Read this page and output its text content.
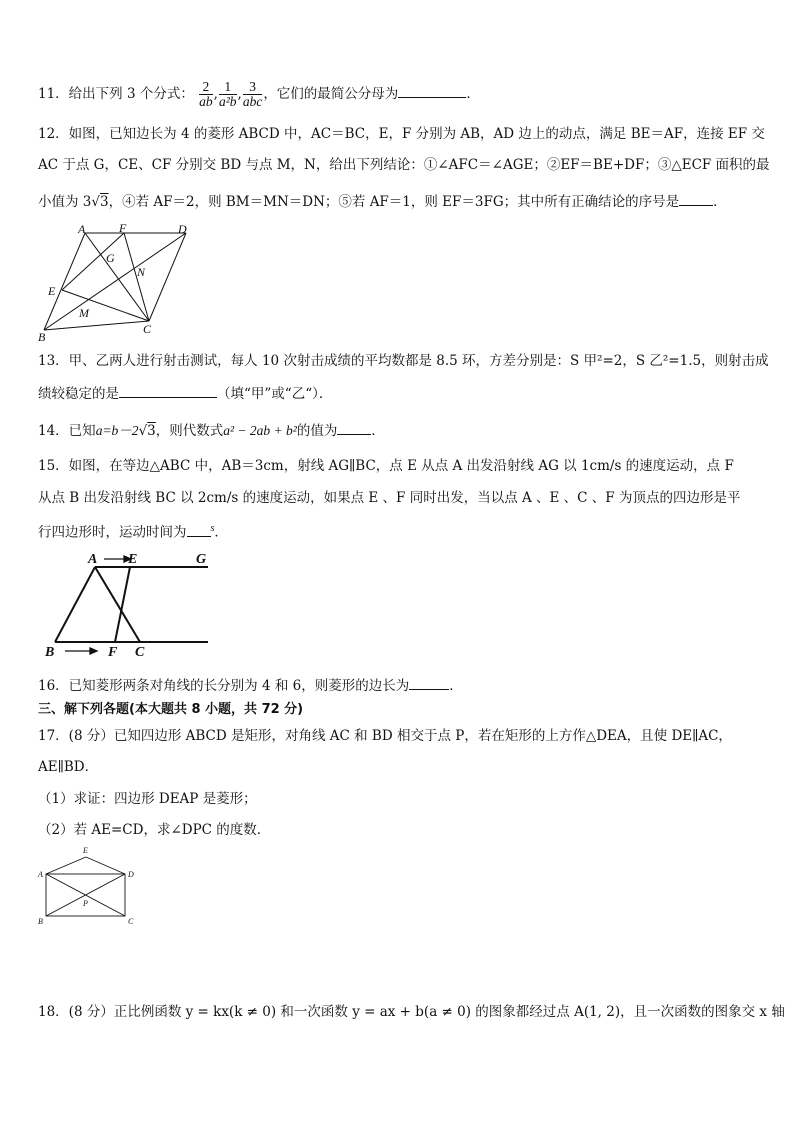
11．给出下列 3 个分式： $\frac{2}{ab}$ , $\frac{1}{\text{a²b}}$ , $\frac{3}{\text{abc}}$ ，它们的最简公分母为	．
12．如图，已知边长为 4 的菱形 ABCD 中，AC＝BC，E，F 分别为 AB，AD 边上的动点，满足 BE＝AF，连接 EF 交
AC 于点 G，CE、CF 分别交 BD 与点 M，N，给出下列结论：①∠AFC＝∠AGE；②EF＝BE+DF；③△ECF 面积的最
小值为 3√3，④若 AF＝2，则 BM＝MN＝DN；⑤若 AF＝1，则 EF＝3FG；其中所有正确结论的序号是	．
A	F	D
G
N
E
M
B
C
13．甲、乙两人进行射击测试，每人 10 次射击成绩的平均数都是 8.5 环，方差分别是：S 甲²=2，S 乙²=1.5，则射击成
绩较稳定的是	（填“甲”或“乙“）．
14．已知a=b－2√3，则代数式a² − 2ab + b²的值为	．
15．如图，在等边△ABC 中，AB＝3cm，射线 AG∥BC，点 E 从点 A 出发沿射线 AG 以 1cm/s 的速度运动，点 F
从点 B 出发沿射线 BC 以 2cm/s 的速度运动，如果点 E 、F 同时出发，当以点 A 、E 、C 、F 为顶点的四边形是平
行四边形时，运动时间为 $^s$．
A E	G
B	F C
16．已知菱形两条对角线的长分别为 4 和 6，则菱形的边长为	．
三、解下列各题(本大题共 8 小题，共 72 分)
17．(8 分）已知四边形 ABCD 是矩形，对角线 AC 和 BD 相交于点 P，若在矩形的上方作△DEA，且使 DE∥AC，
AE∥BD．
（1）求证：四边形 DEAP 是菱形；
（2）若 AE=CD，求∠DPC 的度数．
E
A	D
P
B	C
18．(8 分）正比例函数 y = kx(k ≠ 0) 和一次函数 y = ax + b(a ≠ 0) 的图象都经过点 A(1, 2)，且一次函数的图象交 x 轴
